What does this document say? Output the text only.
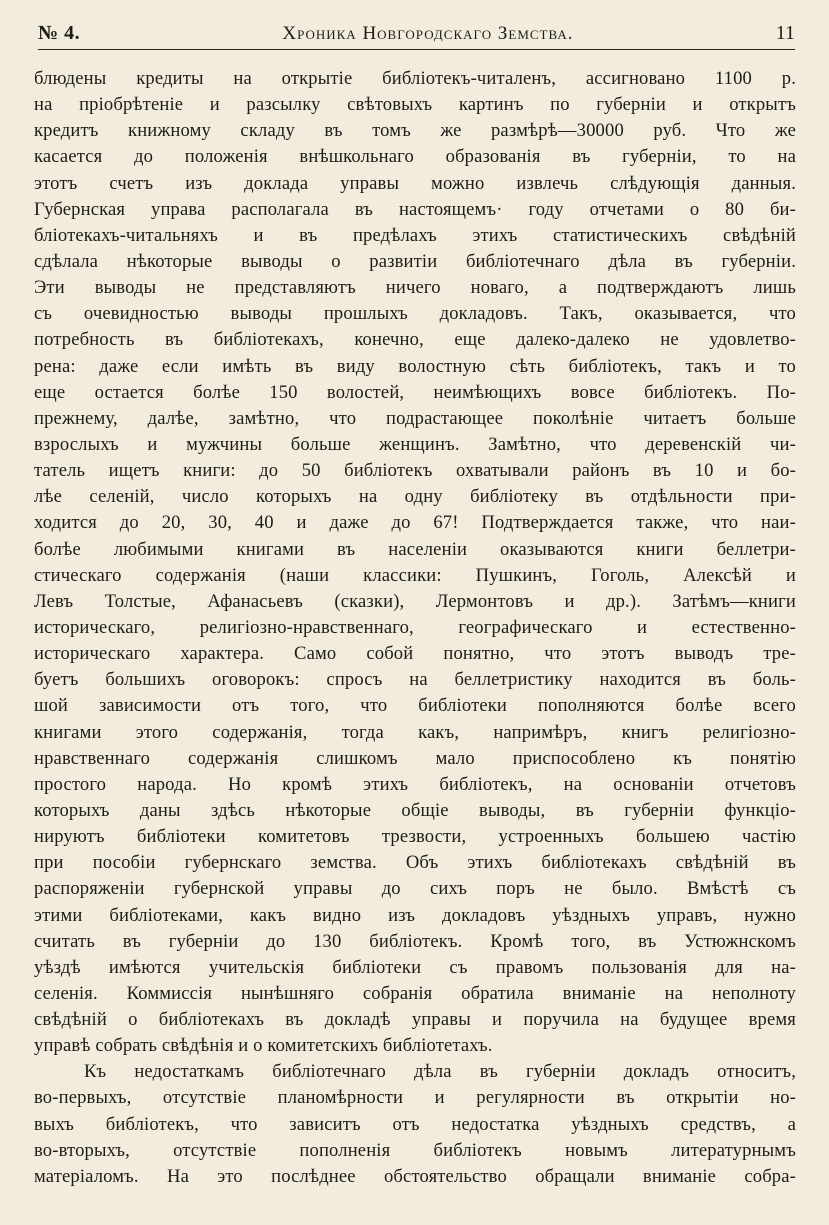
№ 4.	Хроника Новгородскаго Земства.	11
блюдены кредиты на открытіе библіотекъ-читаленъ, ассигновано 1100 р.
на пріобрѣтеніе и разсылку свѣтовыхъ картинъ по губерніи и открытъ
кредитъ книжному складу въ томъ же размѣрѣ—30000 руб. Что же
касается до положенія внѣшкольнаго образованія въ губерніи, то на
этотъ счетъ изъ доклада управы можно извлечь слѣдующія данныя.
Губернская управа располагала въ настоящемъ· году отчетами о 80 би-
бліотекахъ-читальняхъ и въ предѣлахъ этихъ статистическихъ свѣдѣній
сдѣлала нѣкоторые выводы о развитіи библіотечнаго дѣла въ губерніи.
Эти выводы не представляютъ ничего новаго, а подтверждаютъ лишь
съ очевидностью выводы прошлыхъ докладовъ. Такъ, оказывается, что
потребность въ библіотекахъ, конечно, еще далеко-далеко не удовлетво-
рена: даже если имѣть въ виду волостную сѣть библіотекъ, такъ и то
еще остается болѣе 150 волостей, неимѣющихъ вовсе библіотекъ. По-
прежнему, далѣе, замѣтно, что подрастающее поколѣніе читаетъ больше
взрослыхъ и мужчины больше женщинъ. Замѣтно, что деревенскій чи-
татель ищетъ книги: до 50 библіотекъ охватывали районъ въ 10 и бо-
лѣе селеній, число которыхъ на одну библіотеку въ отдѣльности при-
ходится до 20, 30, 40 и даже до 67! Подтверждается также, что наи-
болѣе любимыми книгами въ населеніи оказываются книги беллетри-
стическаго содержанія (наши классики: Пушкинъ, Гоголь, Алексѣй и
Левъ Толстые, Афанасьевъ (сказки), Лермонтовъ и др.). Затѣмъ—книги
историческаго, религіозно-нравственнаго, географическаго и естественно-
историческаго характера. Само собой понятно, что этотъ выводъ тре-
буетъ большихъ оговорокъ: спросъ на беллетристику находится въ боль-
шой зависимости отъ того, что библіотеки пополняются болѣе всего
книгами этого содержанія, тогда какъ, напримѣръ, книгъ религіозно-
нравственнаго содержанія слишкомъ мало приспособлено къ понятію
простого народа. Но кромѣ этихъ библіотекъ, на основаніи отчетовъ
которыхъ даны здѣсь нѣкоторые общіе выводы, въ губерніи функціо-
нируютъ библіотеки комитетовъ трезвости, устроенныхъ большею частію
при пособіи губернскаго земства. Объ этихъ библіотекахъ свѣдѣній въ
распоряженіи губернской управы до сихъ поръ не было. Вмѣстѣ съ
этими библіотеками, какъ видно изъ докладовъ уѣздныхъ управъ, нужно
считать въ губерніи до 130 библіотекъ. Кромѣ того, въ Устюжнскомъ
уѣздѣ имѣются учительскія библіотеки съ правомъ пользованія для на-
селенія. Коммиссія нынѣшняго собранія обратила вниманіе на неполноту
свѣдѣній о библіотекахъ въ докладѣ управы и поручила на будущее время
управѣ собрать свѣдѣнія и о комитетскихъ библіотетахъ.
Къ недостаткамъ библіотечнаго дѣла въ губерніи докладъ относитъ,
во-первыхъ, отсутствіе планомѣрности и регулярности въ открытіи но-
выхъ библіотекъ, что зависитъ отъ недостатка уѣздныхъ средствъ, а
во-вторыхъ, отсутствіе пополненія библіотекъ новымъ литературнымъ
матеріаломъ. На это послѣднее обстоятельство обращали вниманіе собра-
